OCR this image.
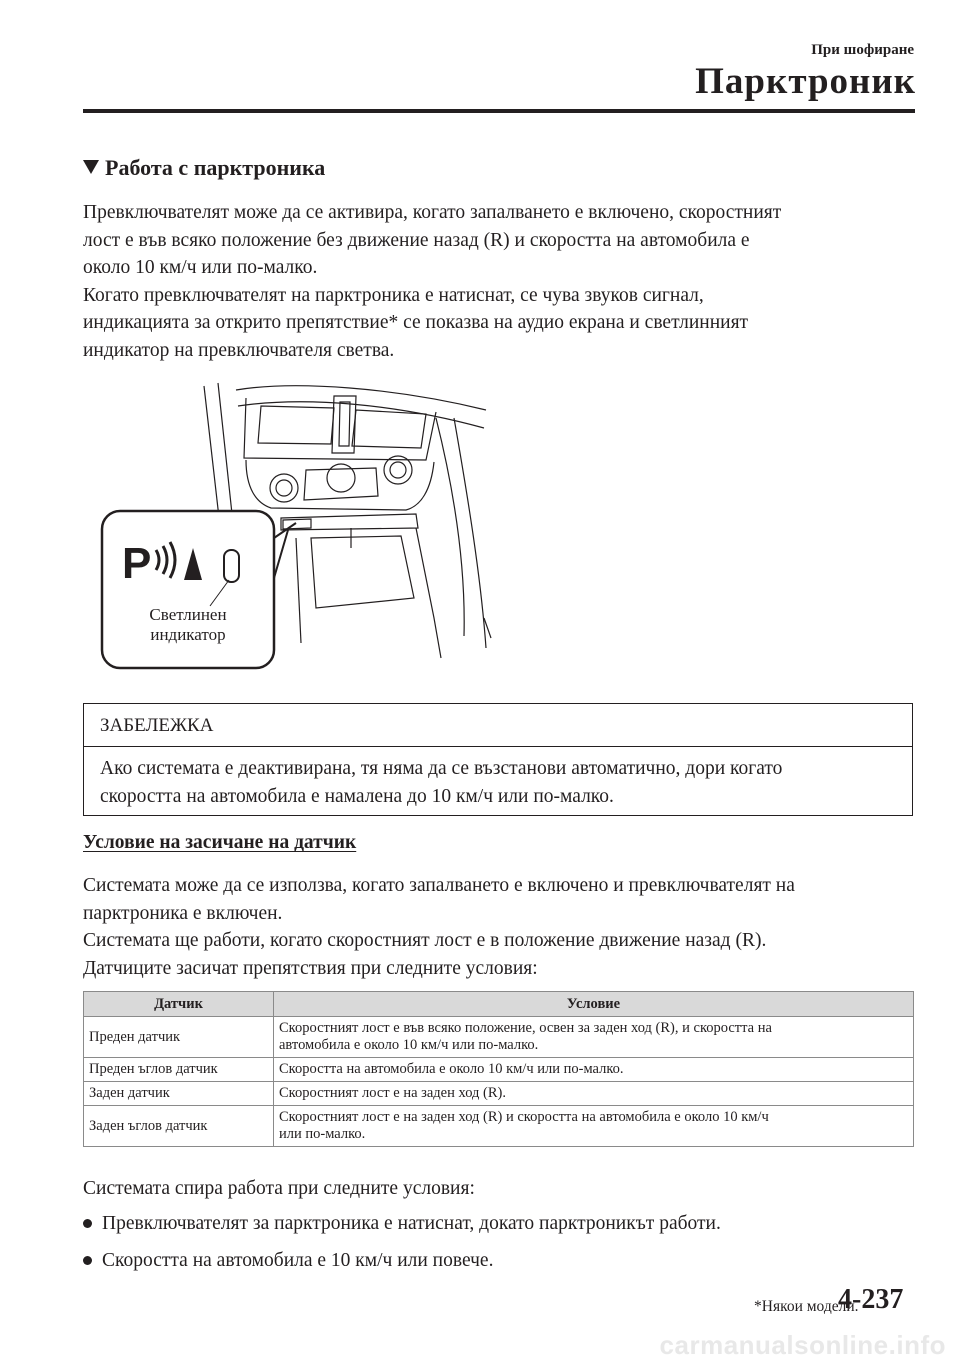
При шофиране
Парктроник
Работа с парктроника

Превключвателят може да се активира, когато запалването е включено, скоростният

лост е във всяко положение без движение назад (R) и скоростта на автомобила е

около 10 км/ч или по-малко.

Когато превключвателят на парктроника е натиснат, се чува звуков сигнал,

индикацията за открито препятствие* се показва на аудио екрана и светлинният

индикатор на превключвателя светва.

P
Светлинен
индикатор
ЗАБЕЛЕЖКА

Ако системата е деактивирана, тя няма да се възстанови автоматично, дори когато

скоростта на автомобила е намалена до 10 км/ч или по-малко.

Условие на засичане на датчик

Системата може да се използва, когато запалването е включено и превключвателят на

парктроника е включен.

Системата ще работи, когато скоростният лост е в положение движение назад (R).

Датчиците засичат препятствия при следните условия:

Датчик	Условие
Преден датчик	Скоростният лост е във всяко положение, освен за заден ход (R), и скоростта на
автомобила е около 10 км/ч или по-малко.
Преден ъглов датчик	Скоростта на автомобила е около 10 км/ч или по-малко.
Заден датчик	Скоростният лост е на заден ход (R).
Заден ъглов датчик	Скоростният лост е на заден ход (R) и скоростта на автомобила е около 10 км/ч
или по-малко.
Системата спира работа при следните условия:
Превключвателят за парктроника е натиснат, докато парктроникът работи.
Скоростта на автомобила е 10 км/ч или повече.
*Някои модели.
4-237
carmanualsonline.info
